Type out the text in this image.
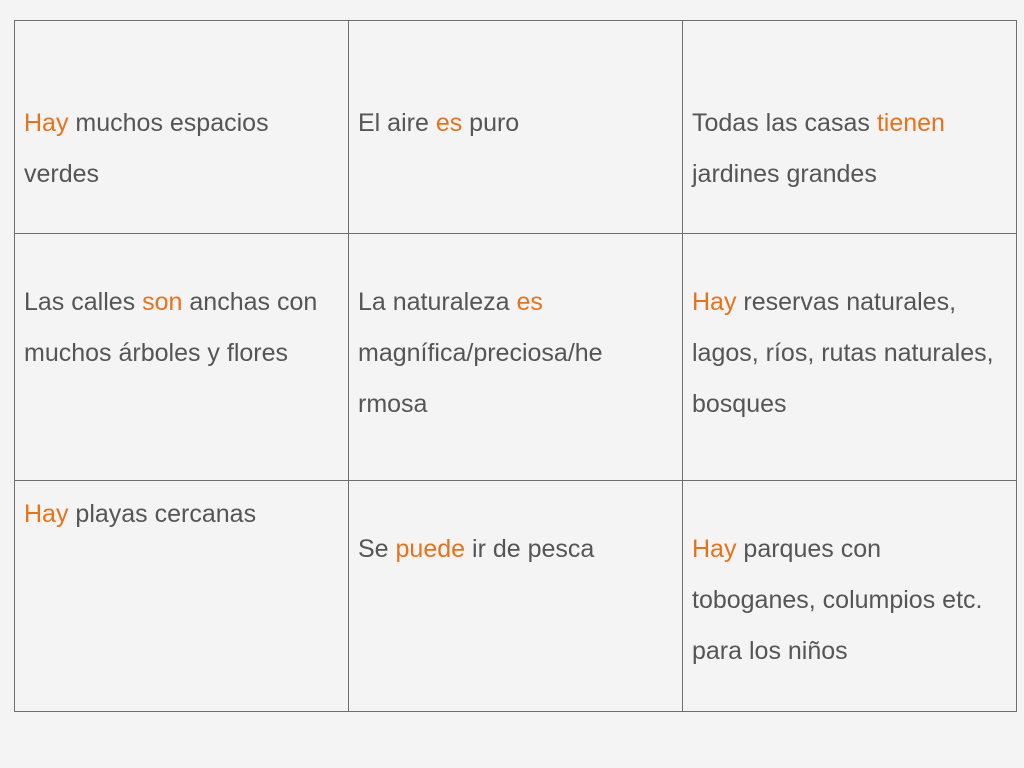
Hay muchos espacios verdes	El aire es puro	Todas las casas tienen jardines grandes

Las calles son anchas con muchos árboles y flores	La naturaleza es magnífica/preciosa/he rmosa	Hay reservas naturales, lagos, ríos, rutas naturales, bosques

Hay playas cercanas	Se puede ir de pesca	Hay parques con toboganes, columpios etc. para los niños
